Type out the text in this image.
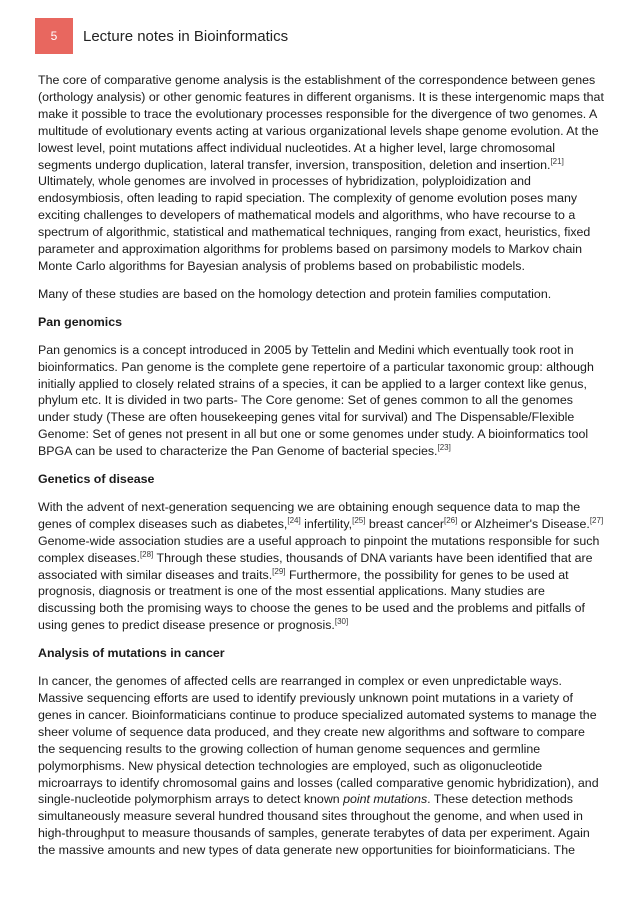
5	Lecture notes in Bioinformatics

The core of comparative genome analysis is the establishment of the correspondence between genes (orthology analysis) or other genomic features in different organisms. It is these intergenomic maps that make it possible to trace the evolutionary processes responsible for the divergence of two genomes. A multitude of evolutionary events acting at various organizational levels shape genome evolution. At the lowest level, point mutations affect individual nucleotides. At a higher level, large chromosomal segments undergo duplication, lateral transfer, inversion, transposition, deletion and insertion.[21] Ultimately, whole genomes are involved in processes of hybridization, polyploidization and endosymbiosis, often leading to rapid speciation. The complexity of genome evolution poses many exciting challenges to developers of mathematical models and algorithms, who have recourse to a spectrum of algorithmic, statistical and mathematical techniques, ranging from exact, heuristics, fixed parameter and approximation algorithms for problems based on parsimony models to Markov chain Monte Carlo algorithms for Bayesian analysis of problems based on probabilistic models.

Many of these studies are based on the homology detection and protein families computation.

Pan genomics

Pan genomics is a concept introduced in 2005 by Tettelin and Medini which eventually took root in bioinformatics. Pan genome is the complete gene repertoire of a particular taxonomic group: although initially applied to closely related strains of a species, it can be applied to a larger context like genus, phylum etc. It is divided in two parts- The Core genome: Set of genes common to all the genomes under study (These are often housekeeping genes vital for survival) and The Dispensable/Flexible Genome: Set of genes not present in all but one or some genomes under study. A bioinformatics tool BPGA can be used to characterize the Pan Genome of bacterial species.[23]

Genetics of disease

With the advent of next-generation sequencing we are obtaining enough sequence data to map the genes of complex diseases such as diabetes,[24] infertility,[25] breast cancer[26] or Alzheimer's Disease.[27] Genome-wide association studies are a useful approach to pinpoint the mutations responsible for such complex diseases.[28] Through these studies, thousands of DNA variants have been identified that are associated with similar diseases and traits.[29] Furthermore, the possibility for genes to be used at prognosis, diagnosis or treatment is one of the most essential applications. Many studies are discussing both the promising ways to choose the genes to be used and the problems and pitfalls of using genes to predict disease presence or prognosis.[30]

Analysis of mutations in cancer

In cancer, the genomes of affected cells are rearranged in complex or even unpredictable ways. Massive sequencing efforts are used to identify previously unknown point mutations in a variety of genes in cancer. Bioinformaticians continue to produce specialized automated systems to manage the sheer volume of sequence data produced, and they create new algorithms and software to compare the sequencing results to the growing collection of human genome sequences and germline polymorphisms. New physical detection technologies are employed, such as oligonucleotide microarrays to identify chromosomal gains and losses (called comparative genomic hybridization), and single-nucleotide polymorphism arrays to detect known point mutations. These detection methods simultaneously measure several hundred thousand sites throughout the genome, and when used in high-throughput to measure thousands of samples, generate terabytes of data per experiment. Again the massive amounts and new types of data generate new opportunities for bioinformaticians. The
